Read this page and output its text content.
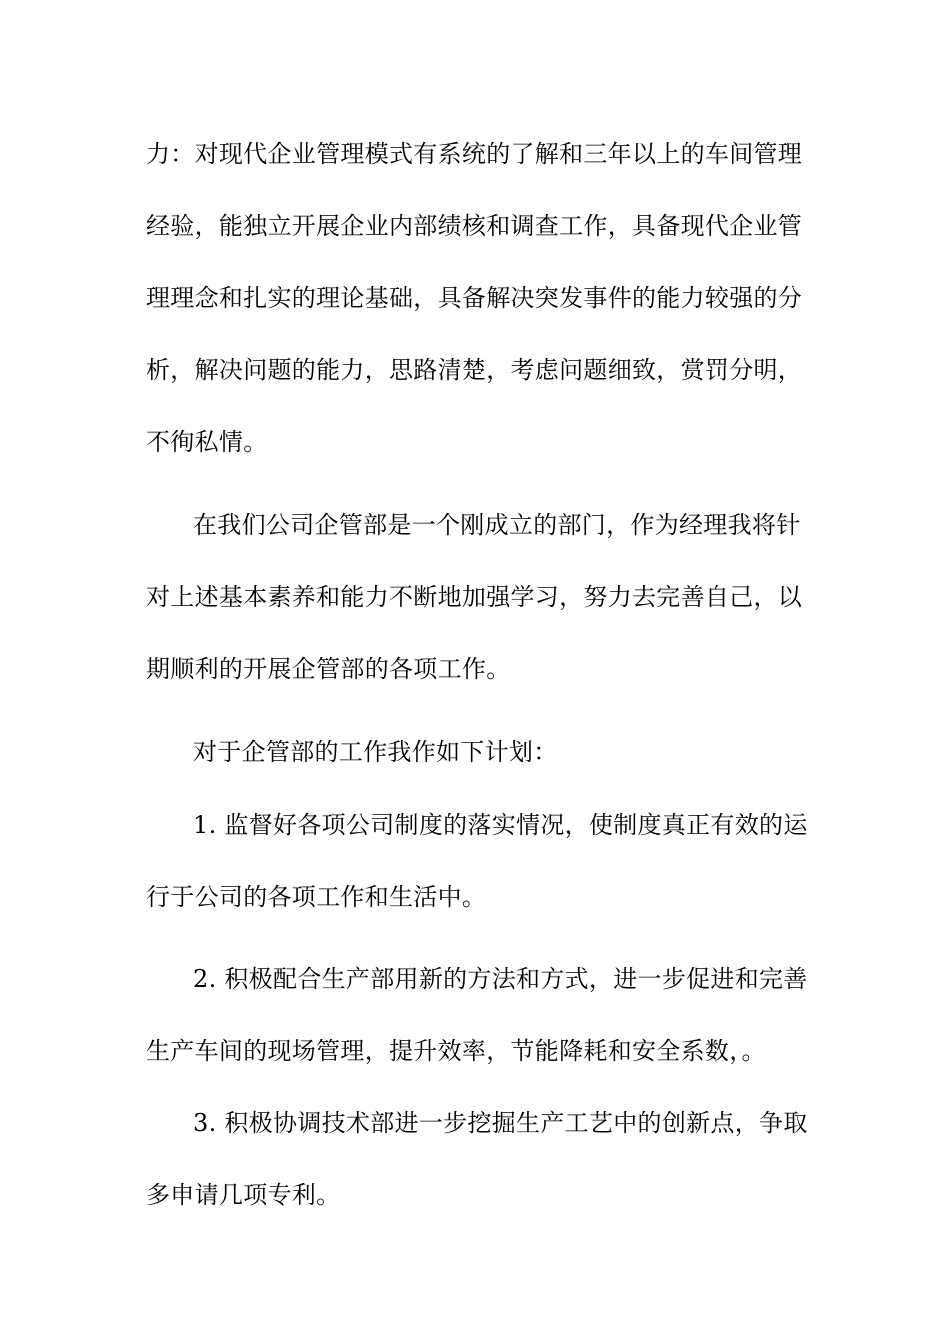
力：对现代企业管理模式有系统的了解和三年以上的车间管理
经验，能独立开展企业内部绩核和调查工作，具备现代企业管
理理念和扎实的理论基础，具备解决突发事件的能力较强的分
析，解决问题的能力，思路清楚，考虑问题细致，赏罚分明，
不徇私情。
在我们公司企管部是一个刚成立的部门，作为经理我将针
对上述基本素养和能力不断地加强学习，努力去完善自己，以
期顺利的开展企管部的各项工作。
对于企管部的工作我作如下计划：
1. 监督好各项公司制度的落实情况，使制度真正有效的运
行于公司的各项工作和生活中。
2. 积极配合生产部用新的方法和方式，进一步促进和完善
生产车间的现场管理，提升效率，节能降耗和安全系数，。
3. 积极协调技术部进一步挖掘生产工艺中的创新点，争取
多申请几项专利。
